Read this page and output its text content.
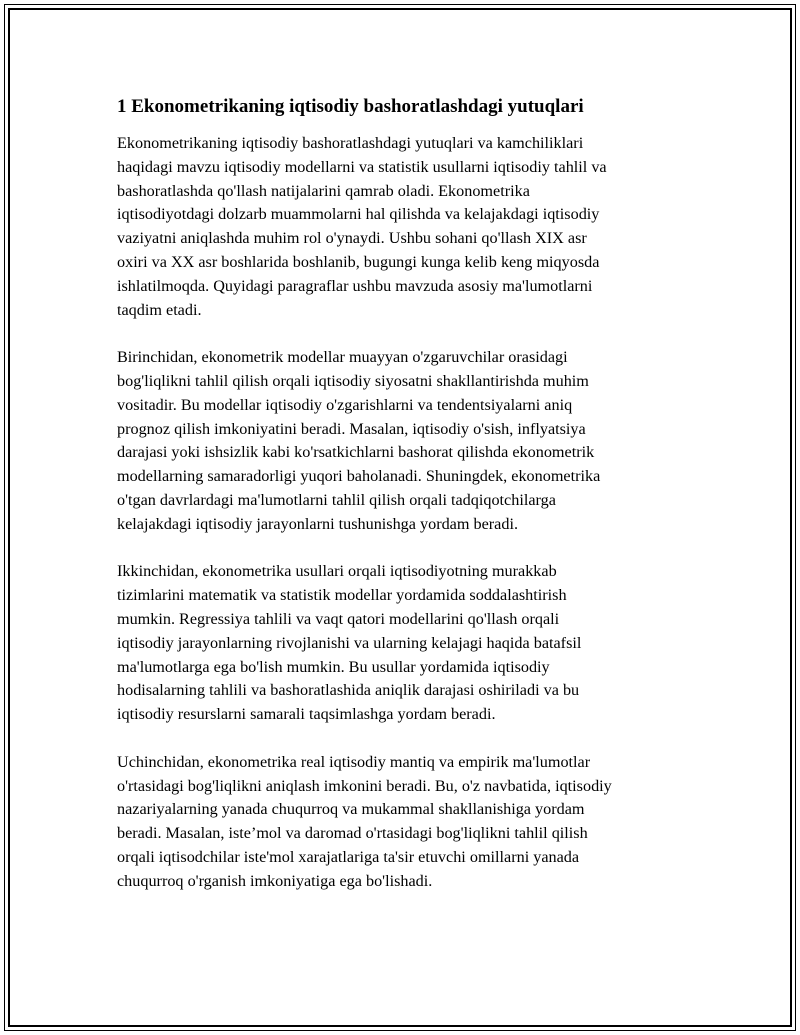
1 Ekonometrikaning iqtisodiy bashoratlashdagi yutuqlari
Ekonometrikaning iqtisodiy bashoratlashdagi yutuqlari va kamchiliklari
haqidagi mavzu iqtisodiy modellarni va statistik usullarni iqtisodiy tahlil va
bashoratlashda qo'llash natijalarini qamrab oladi. Ekonometrika
iqtisodiyotdagi dolzarb muammolarni hal qilishda va kelajakdagi iqtisodiy
vaziyatni aniqlashda muhim rol o'ynaydi. Ushbu sohani qo'llash XIX asr
oxiri va XX asr boshlarida boshlanib, bugungi kunga kelib keng miqyosda
ishlatilmoqda. Quyidagi paragraflar ushbu mavzuda asosiy ma'lumotlarni
taqdim etadi.
Birinchidan, ekonometrik modellar muayyan o'zgaruvchilar orasidagi
bog'liqlikni tahlil qilish orqali iqtisodiy siyosatni shakllantirishda muhim
vositadir. Bu modellar iqtisodiy o'zgarishlarni va tendentsiyalarni aniq
prognoz qilish imkoniyatini beradi. Masalan, iqtisodiy o'sish, inflyatsiya
darajasi yoki ishsizlik kabi ko'rsatkichlarni bashorat qilishda ekonometrik
modellarning samaradorligi yuqori baholanadi. Shuningdek, ekonometrika
o'tgan davrlardagi ma'lumotlarni tahlil qilish orqali tadqiqotchilarga
kelajakdagi iqtisodiy jarayonlarni tushunishga yordam beradi.
Ikkinchidan, ekonometrika usullari orqali iqtisodiyotning murakkab
tizimlarini matematik va statistik modellar yordamida soddalashtirish
mumkin. Regressiya tahlili va vaqt qatori modellarini qo'llash orqali
iqtisodiy jarayonlarning rivojlanishi va ularning kelajagi haqida batafsil
ma'lumotlarga ega bo'lish mumkin. Bu usullar yordamida iqtisodiy
hodisalarning tahlili va bashoratlashida aniqlik darajasi oshiriladi va bu
iqtisodiy resurslarni samarali taqsimlashga yordam beradi.
Uchinchidan, ekonometrika real iqtisodiy mantiq va empirik ma'lumotlar
o'rtasidagi bog'liqlikni aniqlash imkonini beradi. Bu, o'z navbatida, iqtisodiy
nazariyalarning yanada chuqurroq va mukammal shakllanishiga yordam
beradi. Masalan, iste’mol va daromad o'rtasidagi bog'liqlikni tahlil qilish
orqali iqtisodchilar iste'mol xarajatlariga ta'sir etuvchi omillarni yanada
chuqurroq o'rganish imkoniyatiga ega bo'lishadi.
